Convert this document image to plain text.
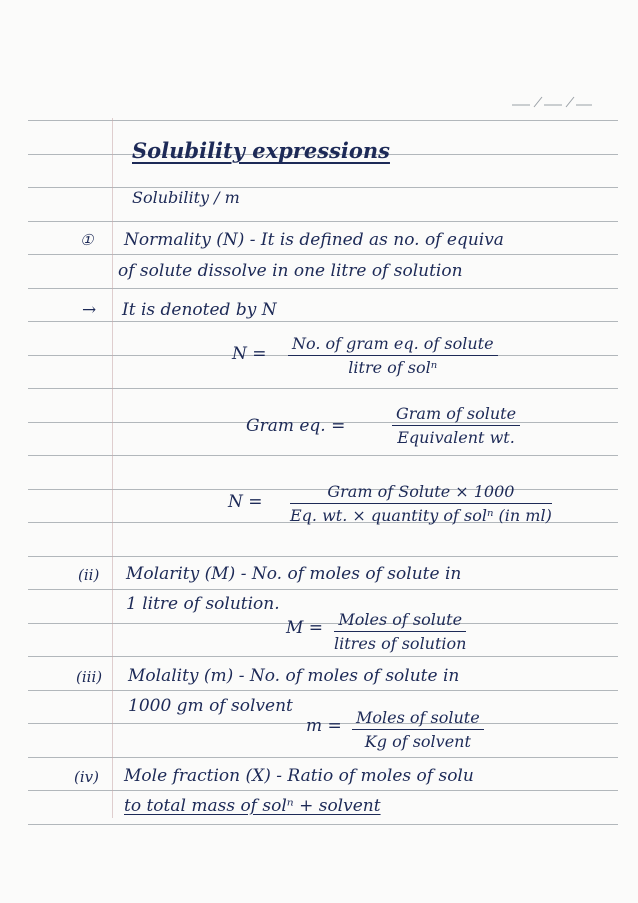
Solubility expressions
Solubility / m
① Normality (N) - It is defined as no. of equiva
of solute dissolve in one litre of solution
→ It is denoted by N
N =
No. of gram eq. of solute
litre of solⁿ
Gram eq. =
Gram of solute
Equivalent wt.
N =
Gram of Solute × 1000
Eq. wt. × quantity of solⁿ (in ml)
(ii) Molarity (M) - No. of moles of solute in
1 litre of solution.
M = Moles of solute
litres of solution
(iii) Molality (m) - No. of moles of solute in
1000 gm of solvent
m = Moles of solute
Kg of solvent
(iv) Mole fraction (X) - Ratio of moles of solu
to total mass of solⁿ + solvent
